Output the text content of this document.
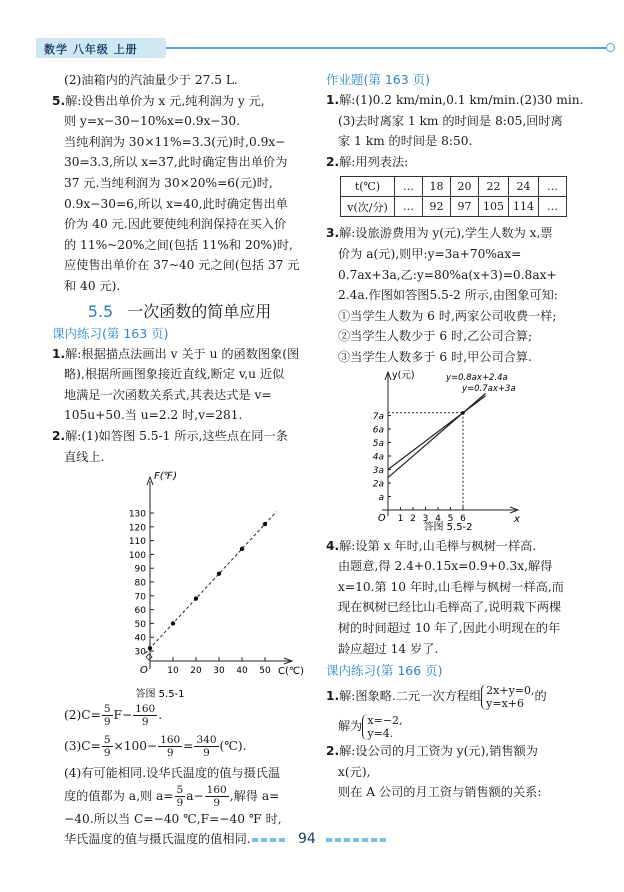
数学 八年级 上册
(2)油箱内的汽油量少于 27.5 L.
5.解:设售出单价为 x 元,纯利润为 y 元,
则 y=x−30−10%x=0.9x−30.
当纯利润为 30×11%=3.3(元)时,0.9x−
30=3.3,所以 x=37,此时确定售出单价为
37 元.当纯利润为 30×20%=6(元)时,
0.9x−30=6,所以 x=40,此时确定售出单
价为 40 元.因此要使纯利润保持在买入价
的 11%~20%之间(包括 11%和 20%)时,
应使售出单价在 37~40 元之间(包括 37 元
和 40 元).
5.5 一次函数的简单应用
课内练习(第 163 页)
1.解:根据描点法画出 v 关于 u 的函数图象(图
略),根据所画图象接近直线,断定 v,u 近似
地满足一次函数关系式,其表达式是 v=
105u+50.当 u=2.2 时,v=281.
2.解:(1)如答图 5.5-1 所示,这些点在同一条
直线上.
30
40
50
60
70
80
90
100
110
120
130
O 10 20 30 40 50
F(℉)
C(℃)
答图 5.5-1
$(2)C= \frac{5}{9} F- \frac{160}{9}$ .
$(3)C= \frac{5}{9} \times 100- \frac{160}{9} = \frac{340}{9}$ (℃).
(4)有可能相同.设华氏温度的值与摄氏温
度的值都为 a,则 $a= \frac{5}{9} a- \frac{160}{9}$ ,解得 a=
−40.所以当 C=−40 ℃,F=−40 ℉ 时,
华氏温度的值与摄氏温度的值相同.
作业题(第 163 页)
1.解:(1)0.2 km/min,0.1 km/min.(2)30 min.
(3)去时离家 1 km 的时间是 8:05,回时离
家 1 km 的时间是 8:50.
2.解:用列表法:
t(℃)	…	18	20	22	24	…
v(次/分)	…	92	97	105	114	…
3.解:设旅游费用为 y(元),学生人数为 x,票
价为 a(元),则甲:y=3a+70%ax=
0.7ax+3a,乙:y=80%a(x+3)=0.8ax+
2.4a.作图如答图5.5-2 所示,由图象可知:
①当学生人数为 6 时,两家公司收费一样;
②当学生人数少于 6 时,乙公司合算;
③当学生人数多于 6 时,甲公司合算.
a
2a
3a
4a
5a
6a
7a
O 1 2 3 4 5 6
y(元)
x
y=0.8ax+2.4a
y=0.7ax+3a
答图 5.5-2
4.解:设第 x 年时,山毛榉与枫树一样高.
由题意,得 2.4+0.15x=0.9+0.3x,解得
x=10.第 10 年时,山毛榉与枫树一样高,而
现在枫树已经比山毛榉高了,说明栽下两棵
树的时间超过 10 年了,因此小明现在的年
龄应超过 14 岁了.
课内练习(第 166 页)
1.解:图象略.二元一次方程组 2x+y=0,
y=x+6 的
解为 x=−2,
y=4.
2.解:设公司的月工资为 y(元),销售额为
x(元),
则在 A 公司的月工资与销售额的关系:
94
